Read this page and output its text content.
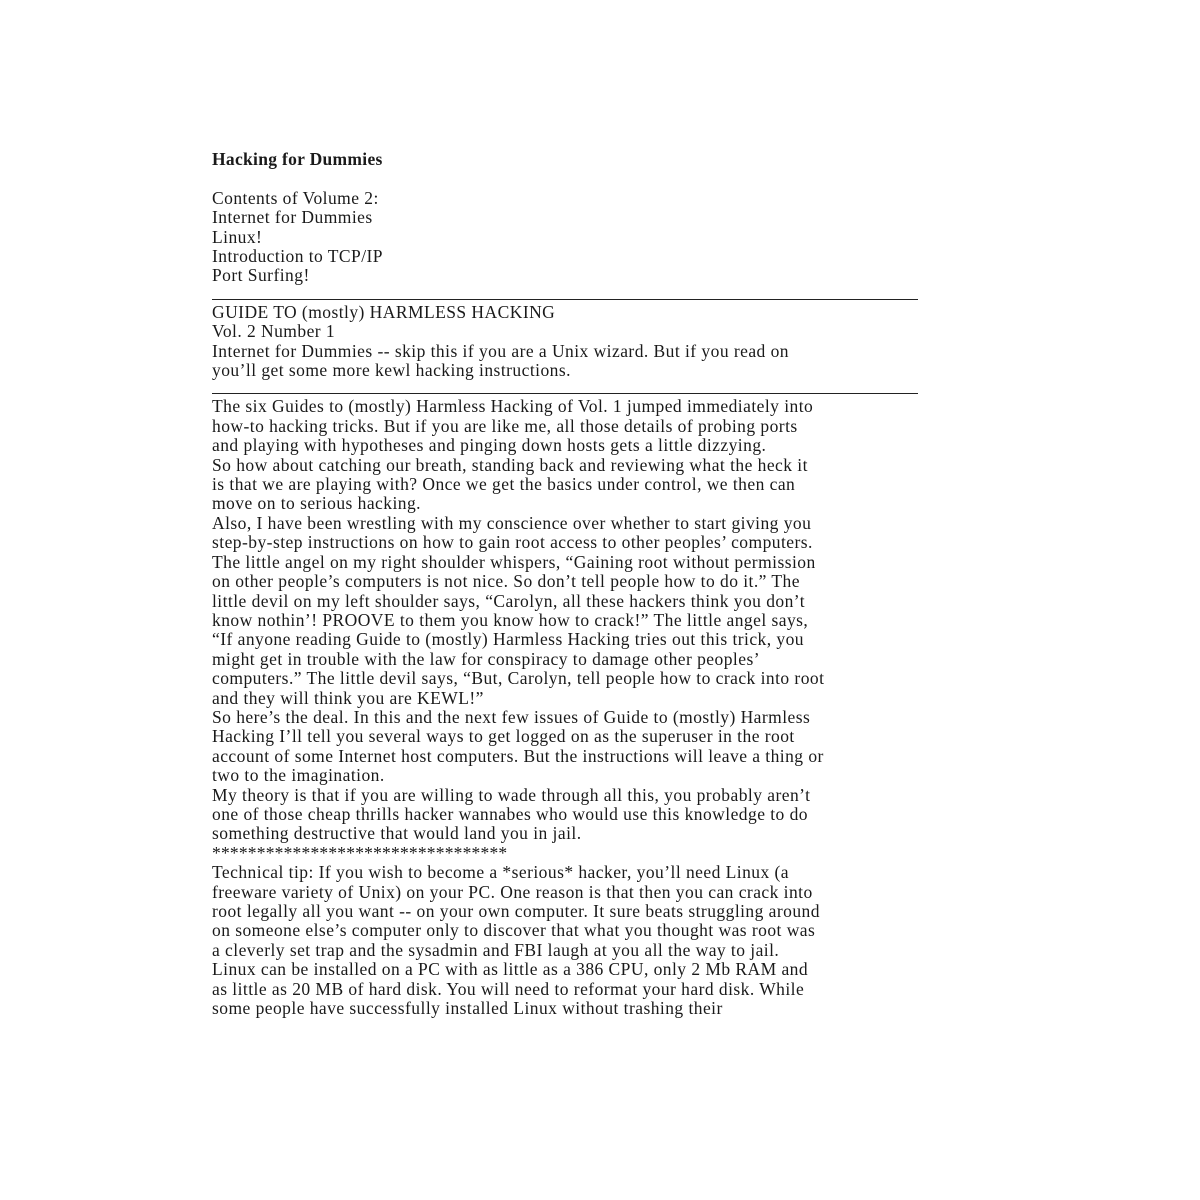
Hacking for Dummies
Contents of Volume 2:
Internet for Dummies
Linux!
Introduction to TCP/IP
Port Surfing!
GUIDE TO (mostly) HARMLESS HACKING
Vol. 2 Number 1
Internet for Dummies -- skip this if you are a Unix wizard. But if you read on
you’ll get some more kewl hacking instructions.
The six Guides to (mostly) Harmless Hacking of Vol. 1 jumped immediately into
how-to hacking tricks. But if you are like me, all those details of probing ports
and playing with hypotheses and pinging down hosts gets a little dizzying.
So how about catching our breath, standing back and reviewing what the heck it
is that we are playing with? Once we get the basics under control, we then can
move on to serious hacking.
Also, I have been wrestling with my conscience over whether to start giving you
step-by-step instructions on how to gain root access to other peoples’ computers.
The little angel on my right shoulder whispers, “Gaining root without permission
on other people’s computers is not nice. So don’t tell people how to do it.” The
little devil on my left shoulder says, “Carolyn, all these hackers think you don’t
know nothin’! PROOVE to them you know how to crack!” The little angel says,
“If anyone reading Guide to (mostly) Harmless Hacking tries out this trick, you
might get in trouble with the law for conspiracy to damage other peoples’
computers.” The little devil says, “But, Carolyn, tell people how to crack into root
and they will think you are KEWL!”
So here’s the deal. In this and the next few issues of Guide to (mostly) Harmless
Hacking I’ll tell you several ways to get logged on as the superuser in the root
account of some Internet host computers. But the instructions will leave a thing or
two to the imagination.
My theory is that if you are willing to wade through all this, you probably aren’t
one of those cheap thrills hacker wannabes who would use this knowledge to do
something destructive that would land you in jail.
*********************************
Technical tip: If you wish to become a *serious* hacker, you’ll need Linux (a
freeware variety of Unix) on your PC. One reason is that then you can crack into
root legally all you want -- on your own computer. It sure beats struggling around
on someone else’s computer only to discover that what you thought was root was
a cleverly set trap and the sysadmin and FBI laugh at you all the way to jail.
Linux can be installed on a PC with as little as a 386 CPU, only 2 Mb RAM and
as little as 20 MB of hard disk. You will need to reformat your hard disk. While
some people have successfully installed Linux without trashing their
